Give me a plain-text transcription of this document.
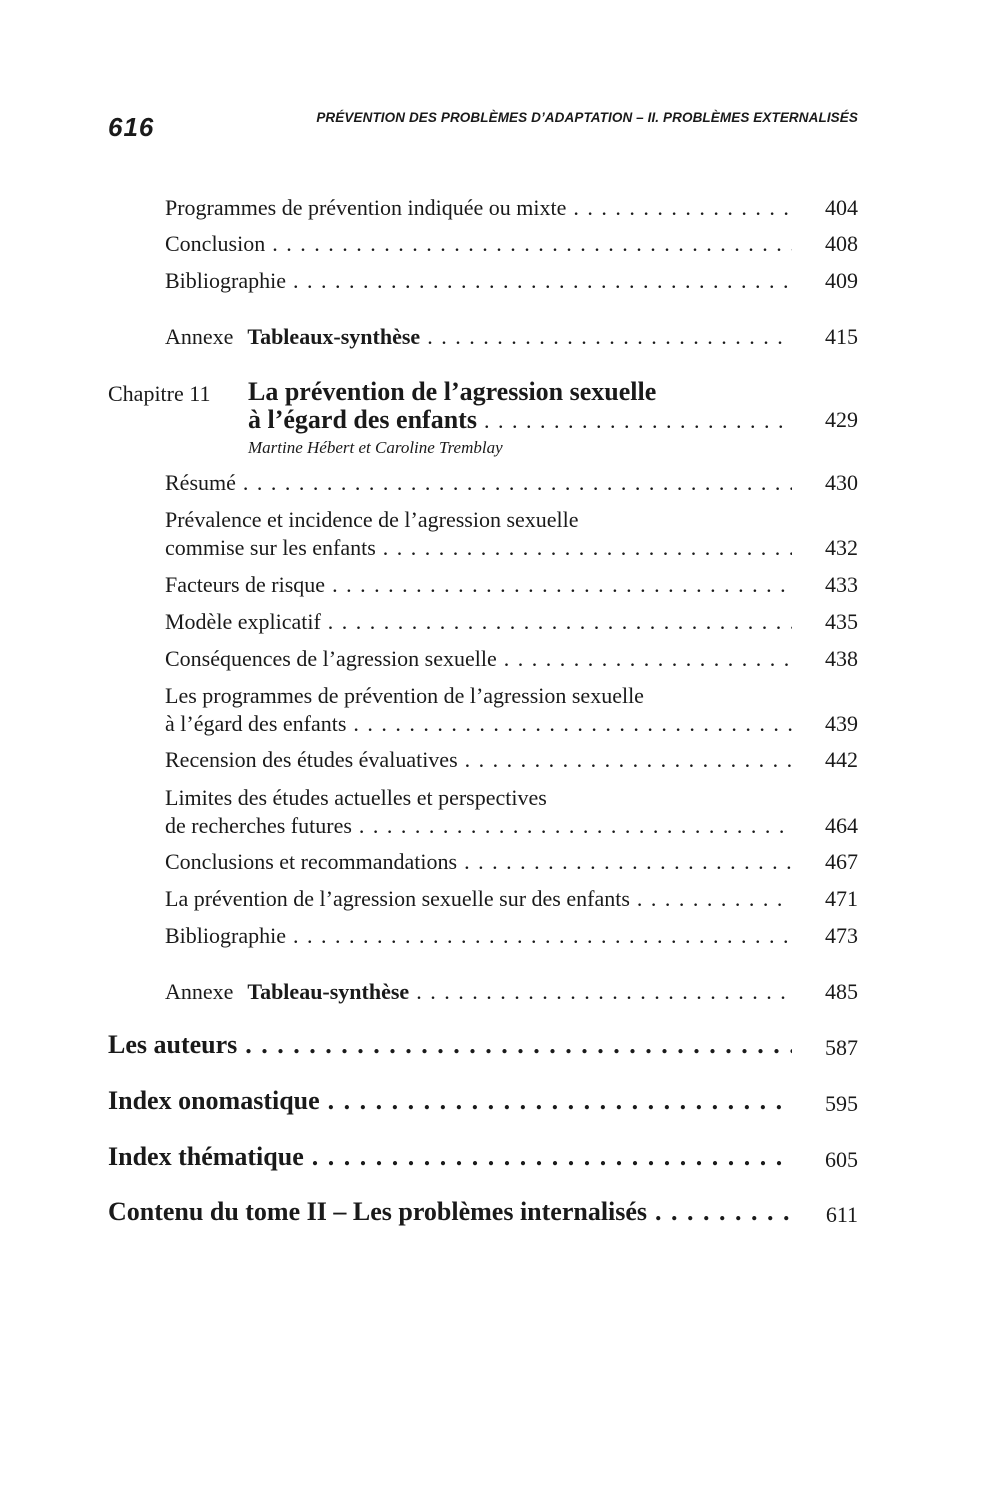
616	PRÉVENTION DES PROBLÈMES D’ADAPTATION – II. PROBLÈMES EXTERNALISÉS
Programmes de prévention indiquée ou mixte . . .	404
Conclusion . . .	408
Bibliographie . . .	409
Annexe Tableaux-synthèse . . .	415
Chapitre 11 La prévention de l’agression sexuelle
à l’égard des enfants . . .	429
Martine Hébert et Caroline Tremblay
Résumé . . .	430
Prévalence et incidence de l’agression sexuelle
commise sur les enfants . . .	432
Facteurs de risque . . .	433
Modèle explicatif . . .	435
Conséquences de l’agression sexuelle . . .	438
Les programmes de prévention de l’agression sexuelle
à l’égard des enfants . . .	439
Recension des études évaluatives . . .	442
Limites des études actuelles et perspectives
de recherches futures . . .	464
Conclusions et recommandations . . .	467
La prévention de l’agression sexuelle sur des enfants . . .	471
Bibliographie . . .	473
Annexe Tableau-synthèse . . .	485
Les auteurs . . .	587
Index onomastique . . .	595
Index thématique . . .	605
Contenu du tome II – Les problèmes internalisés . . .	611
